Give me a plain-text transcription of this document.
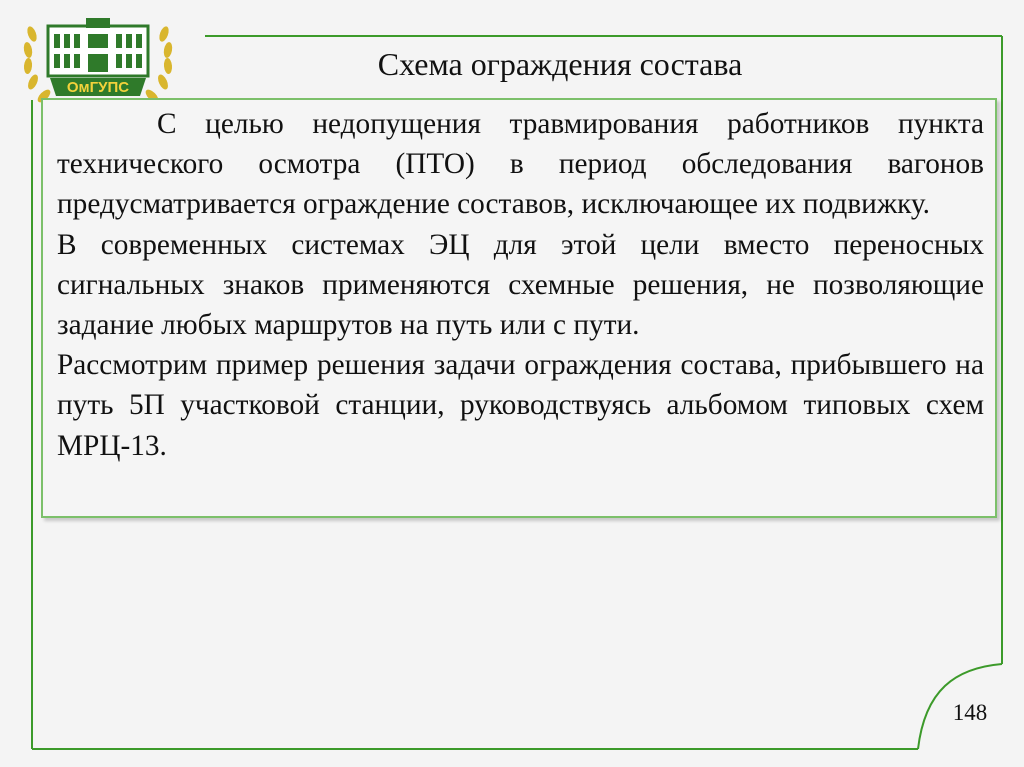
ОмГУПС
Схема ограждения состава

С целью недопущения травмирования работников пункта технического осмотра (ПТО) в период обследования вагонов предусматривается ограждение составов, исключающее их подвижку.

В современных системах ЭЦ для этой цели вместо переносных сигнальных знаков применяются схемные решения, не позволяющие задание любых маршрутов на путь или с пути.

Рассмотрим пример решения задачи ограждения состава, прибывшего на путь 5П участковой станции, руководствуясь альбомом типовых схем МРЦ-13.

148
